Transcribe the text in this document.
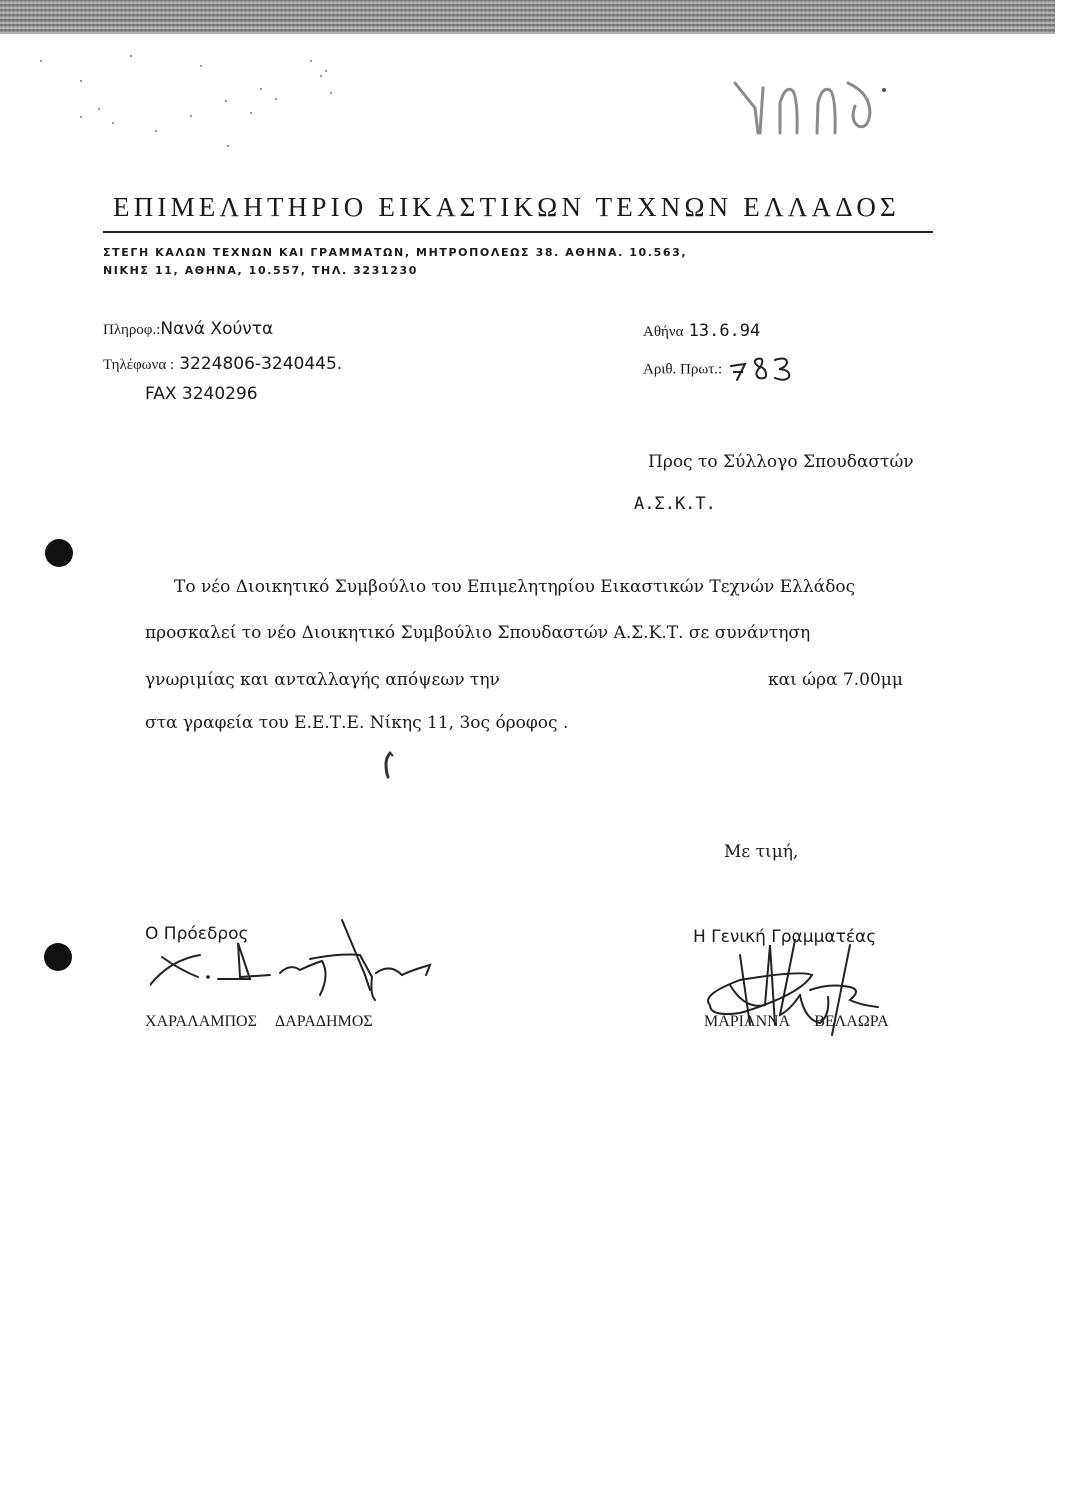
ΕΠΙΜΕΛΗΤΗΡΙΟ ΕΙΚΑΣΤΙΚΩΝ ΤΕΧΝΩΝ ΕΛΛΑΔΟΣ
ΣΤΕΓΗ ΚΑΛΩΝ ΤΕΧΝΩΝ ΚΑΙ ΓΡΑΜΜΑΤΩΝ, ΜΗΤΡΟΠΟΛΕΩΣ 38. ΑΘΗΝΑ. 10.563,
ΝΙΚΗΣ 11, ΑΘΗΝΑ, 10.557, ΤΗΛ. 3231230
Πληροφ.:Νανά Χούντα
Τηλέφωνα : 3224806-3240445.
FAX 3240296
Αθήνα 13.6.94
Αριθ. Πρωτ.:
Προς το Σύλλογο Σπουδαστών
Α.Σ.Κ.Τ.
Το νέο Διοικητικό Συμβούλιο του Επιμελητηρίου Εικαστικών Τεχνών Ελλάδος
προσκαλεί το νέο Διοικητικό Συμβούλιο Σπουδαστών Α.Σ.Κ.Τ. σε συνάντηση
γνωριμίας και ανταλλαγής απόψεων την	και ώρα 7.00μμ
στα γραφεία του Ε.Ε.Τ.Ε. Νίκης 11, 3ος όροφος .
Με τιμή,
Ο Πρόεδρος	Η Γενική Γραμματέας
ΧΑΡΑΛΑΜΠΟΣ ΔΑΡΑΔΗΜΟΣ	ΜΑΡΙΑΝΝΑ ΒΕΛΑΩΡΑ
